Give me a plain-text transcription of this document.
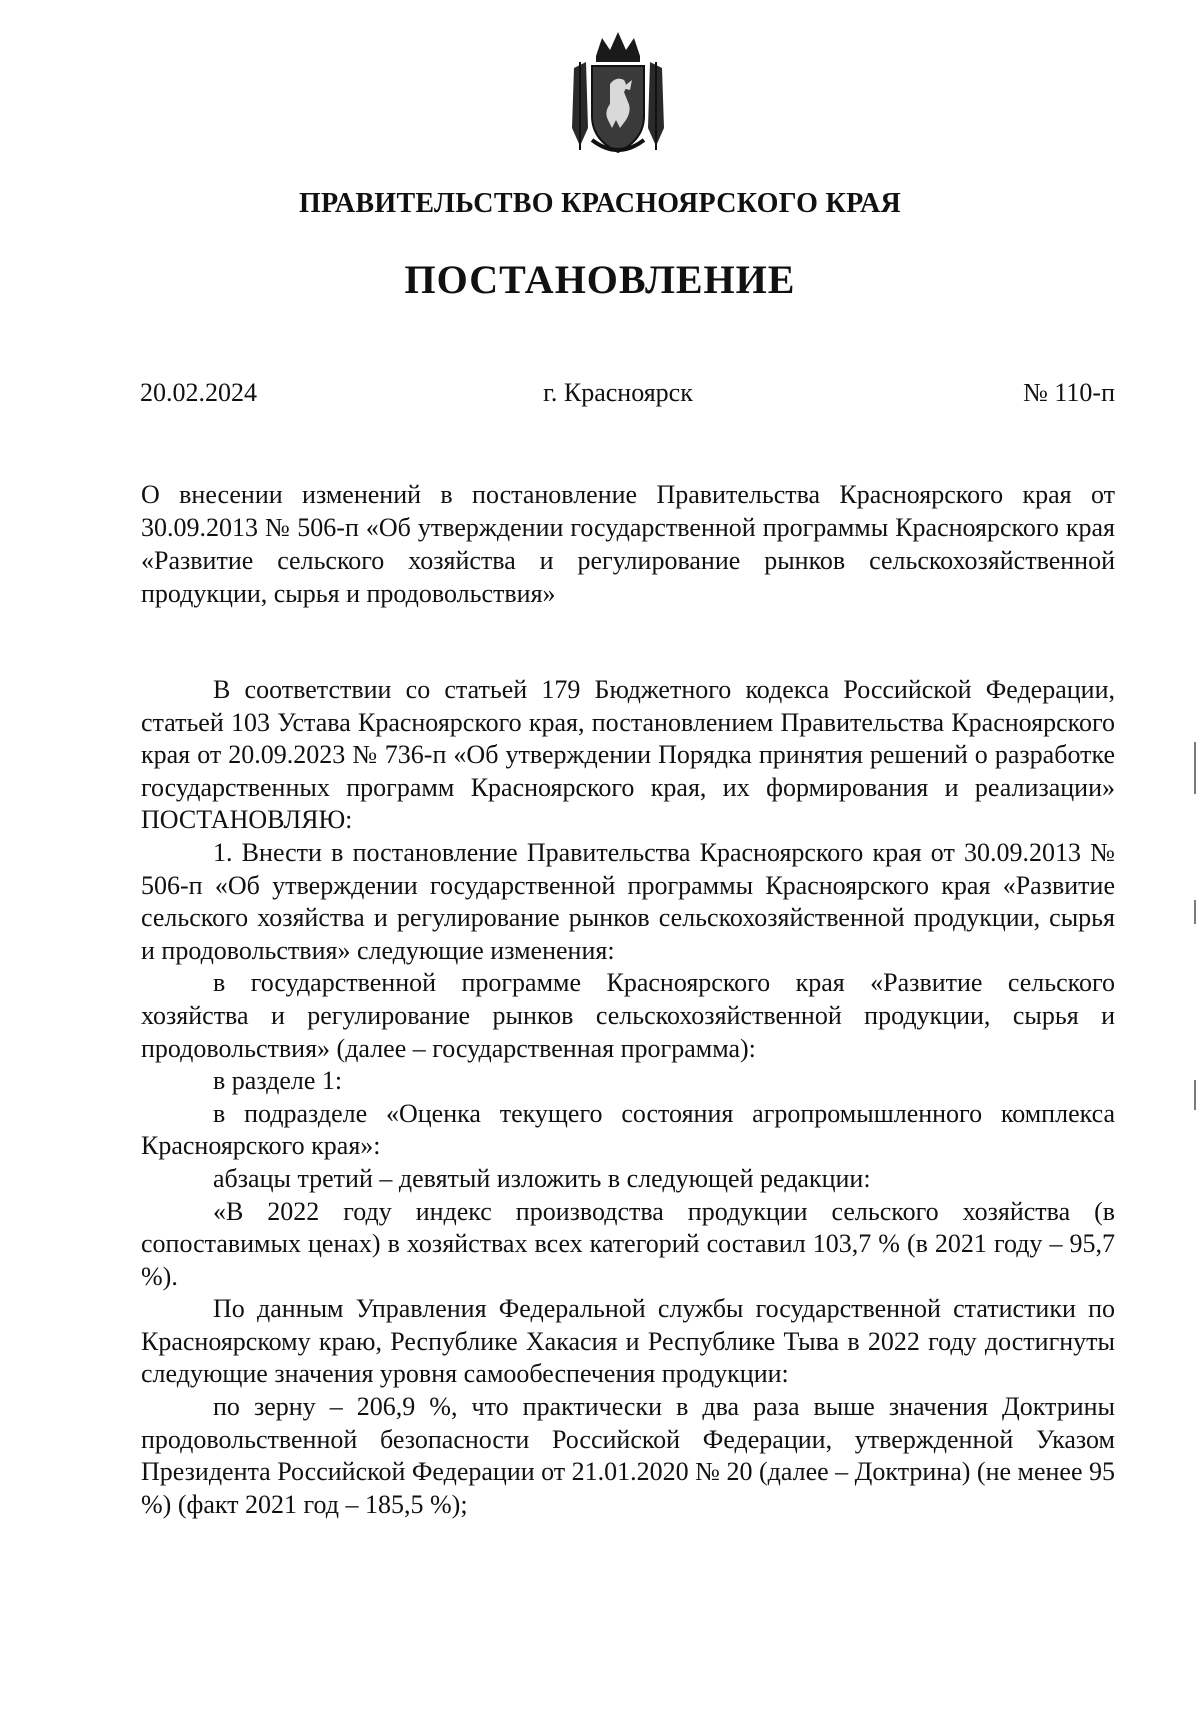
ПРАВИТЕЛЬСТВО КРАСНОЯРСКОГО КРАЯ
ПОСТАНОВЛЕНИЕ
20.02.2024	г. Красноярск	№ 110-п
О внесении изменений в постановление Правительства Красноярского края от 30.09.2013 № 506-п «Об утверждении государственной программы Красноярского края «Развитие сельского хозяйства и регулирование рынков сельскохозяйственной продукции, сырья и продовольствия»

В соответствии со статьей 179 Бюджетного кодекса Российской Федерации, статьей 103 Устава Красноярского края, постановлением Правительства Красноярского края от 20.09.2023 № 736-п «Об утверждении Порядка принятия решений о разработке государственных программ Красноярского края, их формирования и реализации» ПОСТАНОВЛЯЮ:

1. Внести в постановление Правительства Красноярского края от 30.09.2013 № 506-п «Об утверждении государственной программы Красноярского края «Развитие сельского хозяйства и регулирование рынков сельскохозяйственной продукции, сырья и продовольствия» следующие изменения:

в государственной программе Красноярского края «Развитие сельского хозяйства и регулирование рынков сельскохозяйственной продукции, сырья и продовольствия» (далее – государственная программа):

в разделе 1:

в подразделе «Оценка текущего состояния агропромышленного комплекса Красноярского края»:

абзацы третий – девятый изложить в следующей редакции:

«В 2022 году индекс производства продукции сельского хозяйства (в сопоставимых ценах) в хозяйствах всех категорий составил 103,7 % (в 2021 году – 95,7 %).

По данным Управления Федеральной службы государственной статистики по Красноярскому краю, Республике Хакасия и Республике Тыва в 2022 году достигнуты следующие значения уровня самообеспечения продукции:

по зерну – 206,9 %, что практически в два раза выше значения Доктрины продовольственной безопасности Российской Федерации, утвержденной Указом Президента Российской Федерации от 21.01.2020 № 20 (далее – Доктрина) (не менее 95 %) (факт 2021 год – 185,5 %);
